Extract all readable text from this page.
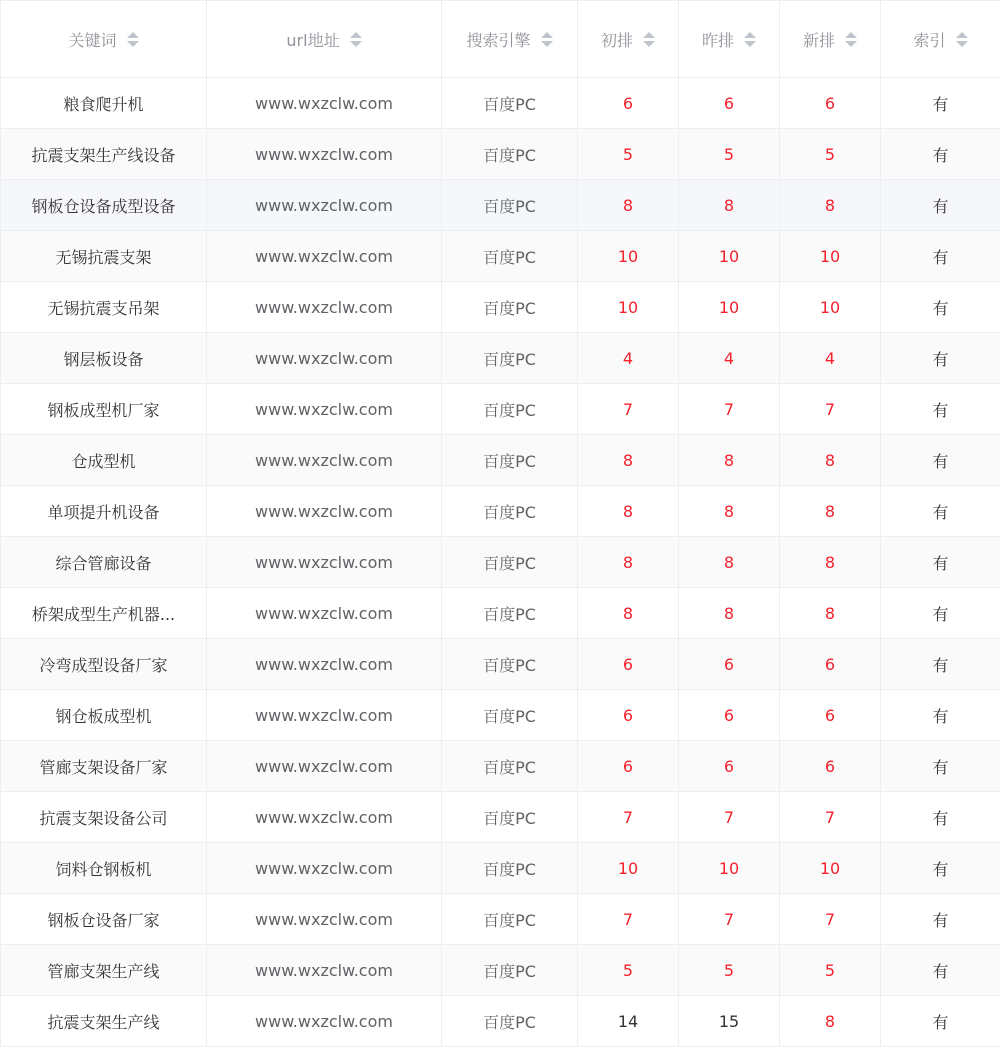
关键词	url地址	搜索引擎	初排	昨排	新排	索引

粮食爬升机	www.wxzclw.com	百度PC	6	6	6	有
抗震支架生产线设备	www.wxzclw.com	百度PC	5	5	5	有
钢板仓设备成型设备	www.wxzclw.com	百度PC	8	8	8	有
无锡抗震支架	www.wxzclw.com	百度PC	10	10	10	有
无锡抗震支吊架	www.wxzclw.com	百度PC	10	10	10	有
钢层板设备	www.wxzclw.com	百度PC	4	4	4	有
钢板成型机厂家	www.wxzclw.com	百度PC	7	7	7	有
仓成型机	www.wxzclw.com	百度PC	8	8	8	有
单项提升机设备	www.wxzclw.com	百度PC	8	8	8	有
综合管廊设备	www.wxzclw.com	百度PC	8	8	8	有
桥架成型生产机器...	www.wxzclw.com	百度PC	8	8	8	有
冷弯成型设备厂家	www.wxzclw.com	百度PC	6	6	6	有
钢仓板成型机	www.wxzclw.com	百度PC	6	6	6	有
管廊支架设备厂家	www.wxzclw.com	百度PC	6	6	6	有
抗震支架设备公司	www.wxzclw.com	百度PC	7	7	7	有
饲料仓钢板机	www.wxzclw.com	百度PC	10	10	10	有
钢板仓设备厂家	www.wxzclw.com	百度PC	7	7	7	有
管廊支架生产线	www.wxzclw.com	百度PC	5	5	5	有
抗震支架生产线	www.wxzclw.com	百度PC	14	15	8	有
